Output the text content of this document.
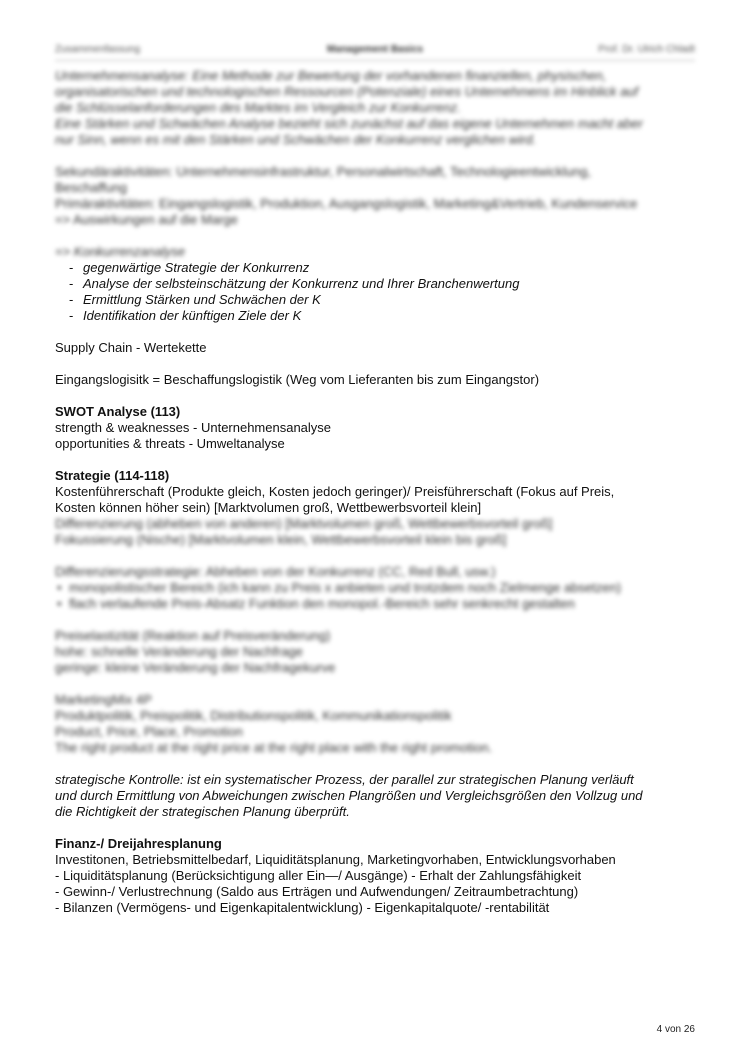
Zusammenfassung	Management Basics	Prof. Dr. Ulrich Chladt

Unternehmensanalyse: Eine Methode zur Bewertung der vorhandenen finanziellen, physischen,

organisatorischen und technologischen Ressourcen (Potenziale) eines Unternehmens im Hinblick auf

die Schlüsselanforderungen des Marktes im Vergleich zur Konkurrenz.

Eine Stärken und Schwächen Analyse bezieht sich zunächst auf das eigene Unternehmen macht aber

nur Sinn, wenn es mit den Stärken und Schwächen der Konkurrenz verglichen wird.

Sekundäraktivitäten: Unternehmensinfrastruktur, Personalwirtschaft, Technologieentwicklung,

Beschaffung

Primäraktivitäten: Eingangslogistik, Produktion, Ausgangslogistik, Marketing&Vertrieb, Kundenservice

=> Auswirkungen auf die Marge

=> Konkurrenzanalyse

- gegenwärtige Strategie der Konkurrenz
- Analyse der selbsteinschätzung der Konkurrenz und Ihrer Branchenwertung
- Ermittlung Stärken und Schwächen der K
- Identifikation der künftigen Ziele der K

Supply Chain - Wertekette

Eingangslogisitk = Beschaffungslogistik (Weg vom Lieferanten bis zum Eingangstor)

SWOT Analyse (113)

strength & weaknesses - Unternehmensanalyse

opportunities & threats - Umweltanalyse

Strategie (114-118)

Kostenführerschaft (Produkte gleich, Kosten jedoch geringer)/ Preisführerschaft (Fokus auf Preis,

Kosten können höher sein) [Marktvolumen groß, Wettbewerbsvorteil klein]

Differenzierung (abheben von anderen) [Marktvolumen groß, Wettbewerbsvorteil groß]

Fokussierung (Nische) [Marktvolumen klein, Wettbewerbsvorteil klein bis groß]

Differenzierungsstrategie: Abheben von der Konkurrenz (CC, Red Bull, usw.)

• monopolistischer Bereich (ich kann zu Preis x anbieten und trotzdem noch Zielmenge absetzen)
• flach verlaufende Preis-Absatz Funktion den monopol.-Bereich sehr senkrecht gestalten

Preiselastizität (Reaktion auf Preisveränderung)

hohe: schnelle Veränderung der Nachfrage

geringe: kleine Veränderung der Nachfragekurve

MarketingMix 4P

Produktpolitik, Preispolitik, Distributionspolitik, Kommunikationspolitik

Product, Price, Place, Promotion

The right product at the right price at the right place with the right promotion.

strategische Kontrolle: ist ein systematischer Prozess, der parallel zur strategischen Planung verläuft

und durch Ermittlung von Abweichungen zwischen Plangrößen und Vergleichsgrößen den Vollzug und

die Richtigkeit der strategischen Planung überprüft.

Finanz-/ Dreijahresplanung

Investitonen, Betriebsmittelbedarf, Liquiditätsplanung, Marketingvorhaben, Entwicklungsvorhaben

- Liquiditätsplanung (Berücksichtigung aller Ein—/ Ausgänge) - Erhalt der Zahlungsfähigkeit

- Gewinn-/ Verlustrechnung (Saldo aus Erträgen und Aufwendungen/ Zeitraumbetrachtung)

- Bilanzen (Vermögens- und Eigenkapitalentwicklung) - Eigenkapitalquote/ -rentabilität

4 von 26
